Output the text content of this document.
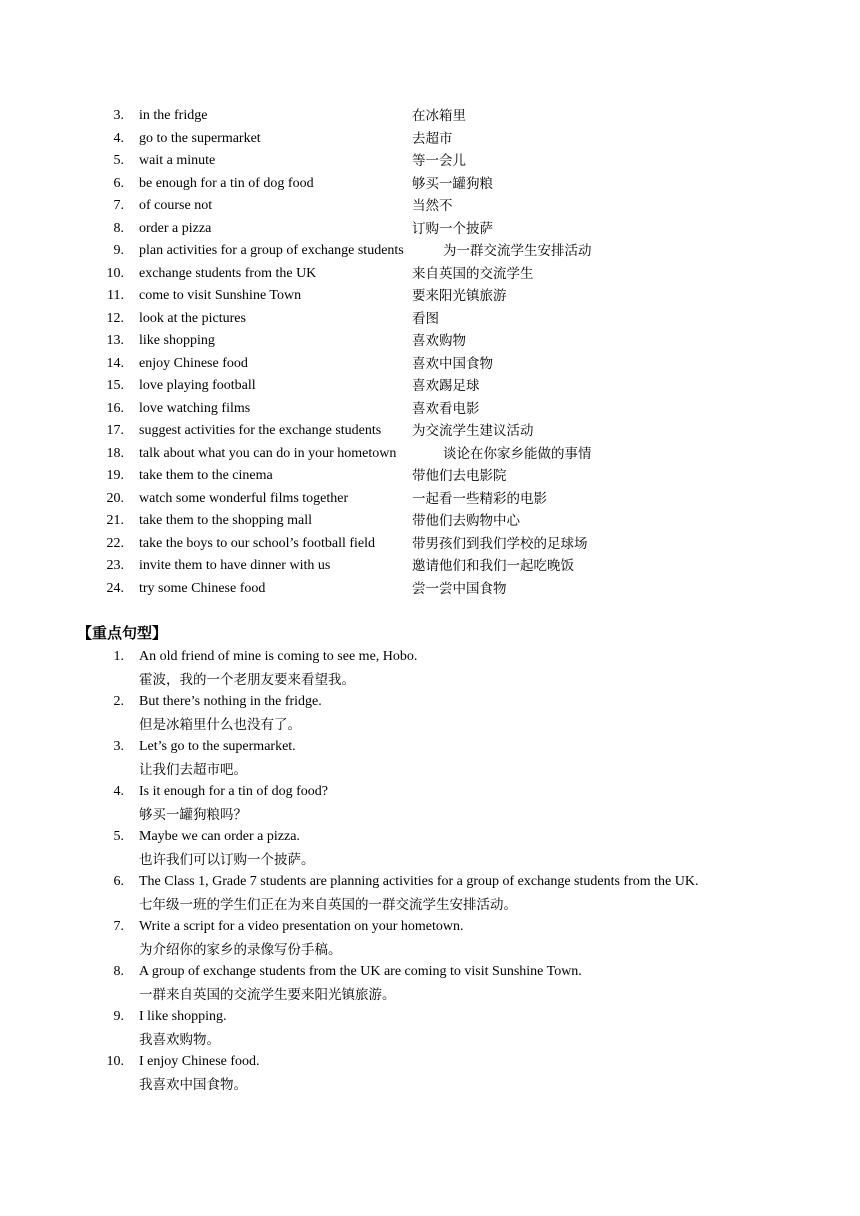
3. in the fridge	在冰箱里
4. go to the supermarket	去超市
5. wait a minute	等一会儿
6. be enough for a tin of dog food	够买一罐狗粮
7. of course not	当然不
8. order a pizza	订购一个披萨
9. plan activities for a group of exchange students	为一群交流学生安排活动
10. exchange students from the UK	来自英国的交流学生
11. come to visit Sunshine Town	要来阳光镇旅游
12. look at the pictures	看图
13. like shopping	喜欢购物
14. enjoy Chinese food	喜欢中国食物
15. love playing football	喜欢踢足球
16. love watching films	喜欢看电影
17. suggest activities for the exchange students 为交流学生建议活动
18. talk about what you can do in your hometown	谈论在你家乡能做的事情
19. take them to the cinema	带他们去电影院
20. watch some wonderful films together	一起看一些精彩的电影
21. take them to the shopping mall	带他们去购物中心
22. take the boys to our school’s football field	带男孩们到我们学校的足球场
23. invite them to have dinner with us	邀请他们和我们一起吃晚饭
24. try some Chinese food	尝一尝中国食物
【重点句型】
1. An old friend of mine is coming to see me, Hobo.
霍波，我的一个老朋友要来看望我。
2. But there’s nothing in the fridge.
但是冰箱里什么也没有了。
3. Let’s go to the supermarket.
让我们去超市吧。
4. Is it enough for a tin of dog food?
够买一罐狗粮吗？
5. Maybe we can order a pizza.
也许我们可以订购一个披萨。
6. The Class 1, Grade 7 students are planning activities for a group of exchange students from the UK.
七年级一班的学生们正在为来自英国的一群交流学生安排活动。
7. Write a script for a video presentation on your hometown.
为介绍你的家乡的录像写份手稿。
8. A group of exchange students from the UK are coming to visit Sunshine Town.
一群来自英国的交流学生要来阳光镇旅游。
9. I like shopping.
我喜欢购物。
10. I enjoy Chinese food.
我喜欢中国食物。
